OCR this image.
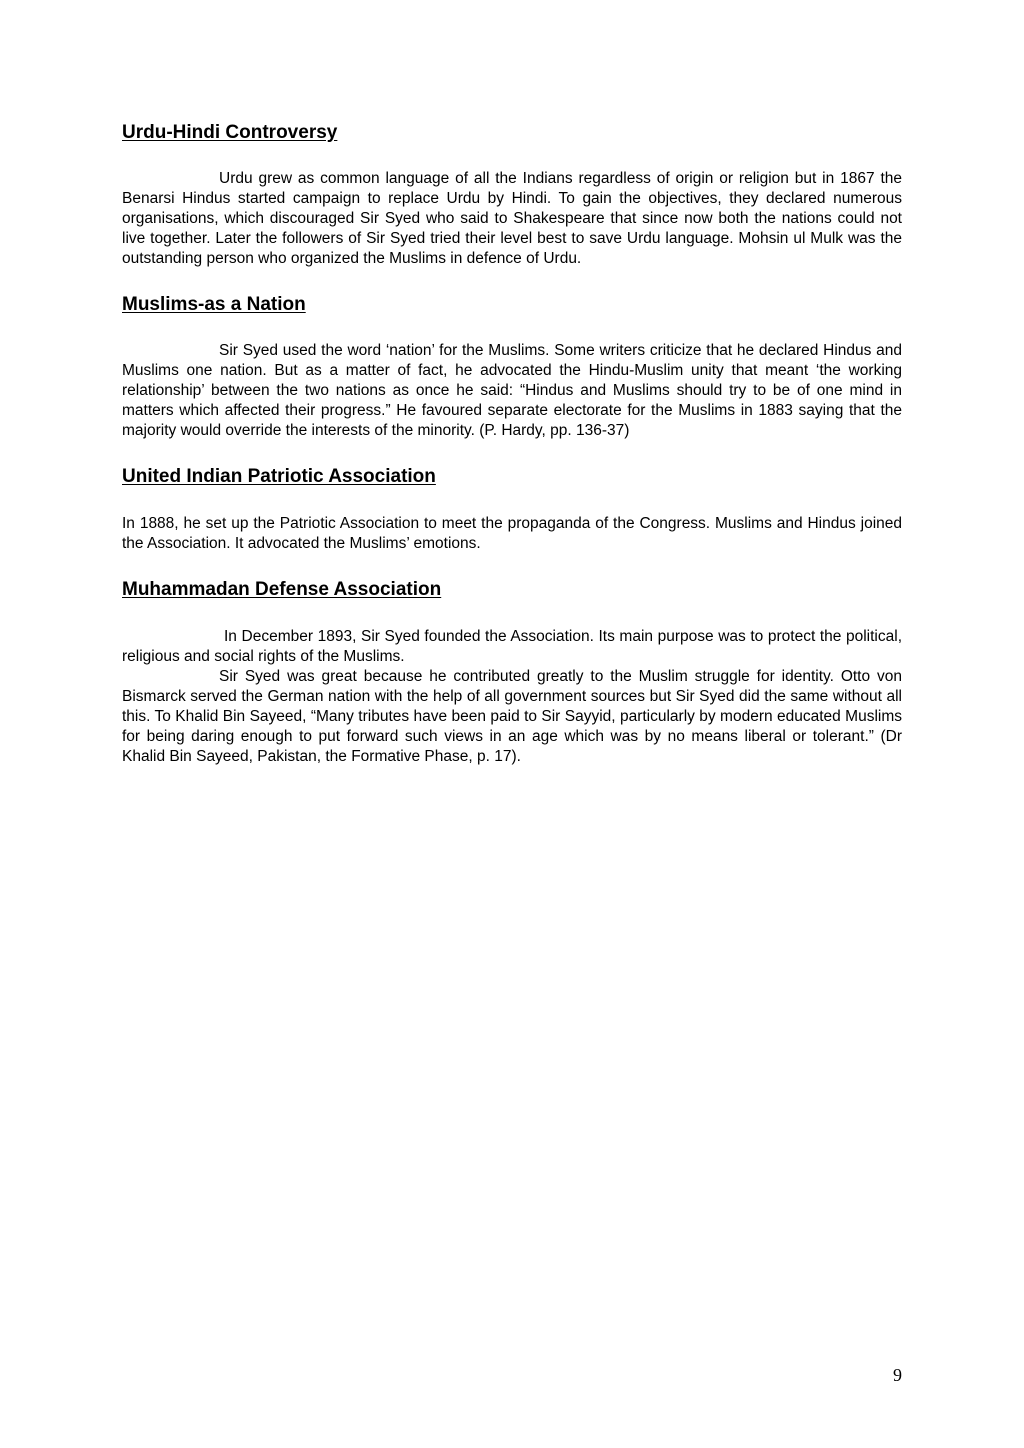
Urdu-Hindi Controversy

Urdu grew as common language of all the Indians regardless of origin or religion but in 1867 the Benarsi Hindus started campaign to replace Urdu by Hindi. To gain the objectives, they declared numerous organisations, which discouraged Sir Syed who said to Shakespeare that since now both the nations could not live together. Later the followers of Sir Syed tried their level best to save Urdu language. Mohsin ul Mulk was the outstanding person who organized the Muslims in defence of Urdu.

Muslims-as a Nation

Sir Syed used the word ‘nation’ for the Muslims. Some writers criticize that he declared Hindus and Muslims one nation. But as a matter of fact, he advocated the Hindu-Muslim unity that meant ‘the working relationship’ between the two nations as once he said: “Hindus and Muslims should try to be of one mind in matters which affected their progress.” He favoured separate electorate for the Muslims in 1883 saying that the majority would override the interests of the minority. (P. Hardy, pp. 136-37)

United Indian Patriotic Association

In 1888, he set up the Patriotic Association to meet the propaganda of the Congress. Muslims and Hindus joined the Association. It advocated the Muslims’ emotions.

Muhammadan Defense Association

In December 1893, Sir Syed founded the Association. Its main purpose was to protect the political, religious and social rights of the Muslims.

Sir Syed was great because he contributed greatly to the Muslim struggle for identity. Otto von Bismarck served the German nation with the help of all government sources but Sir Syed did the same without all this. To Khalid Bin Sayeed, “Many tributes have been paid to Sir Sayyid, particularly by modern educated Muslims for being daring enough to put forward such views in an age which was by no means liberal or tolerant.” (Dr Khalid Bin Sayeed, Pakistan, the Formative Phase, p. 17).

9
